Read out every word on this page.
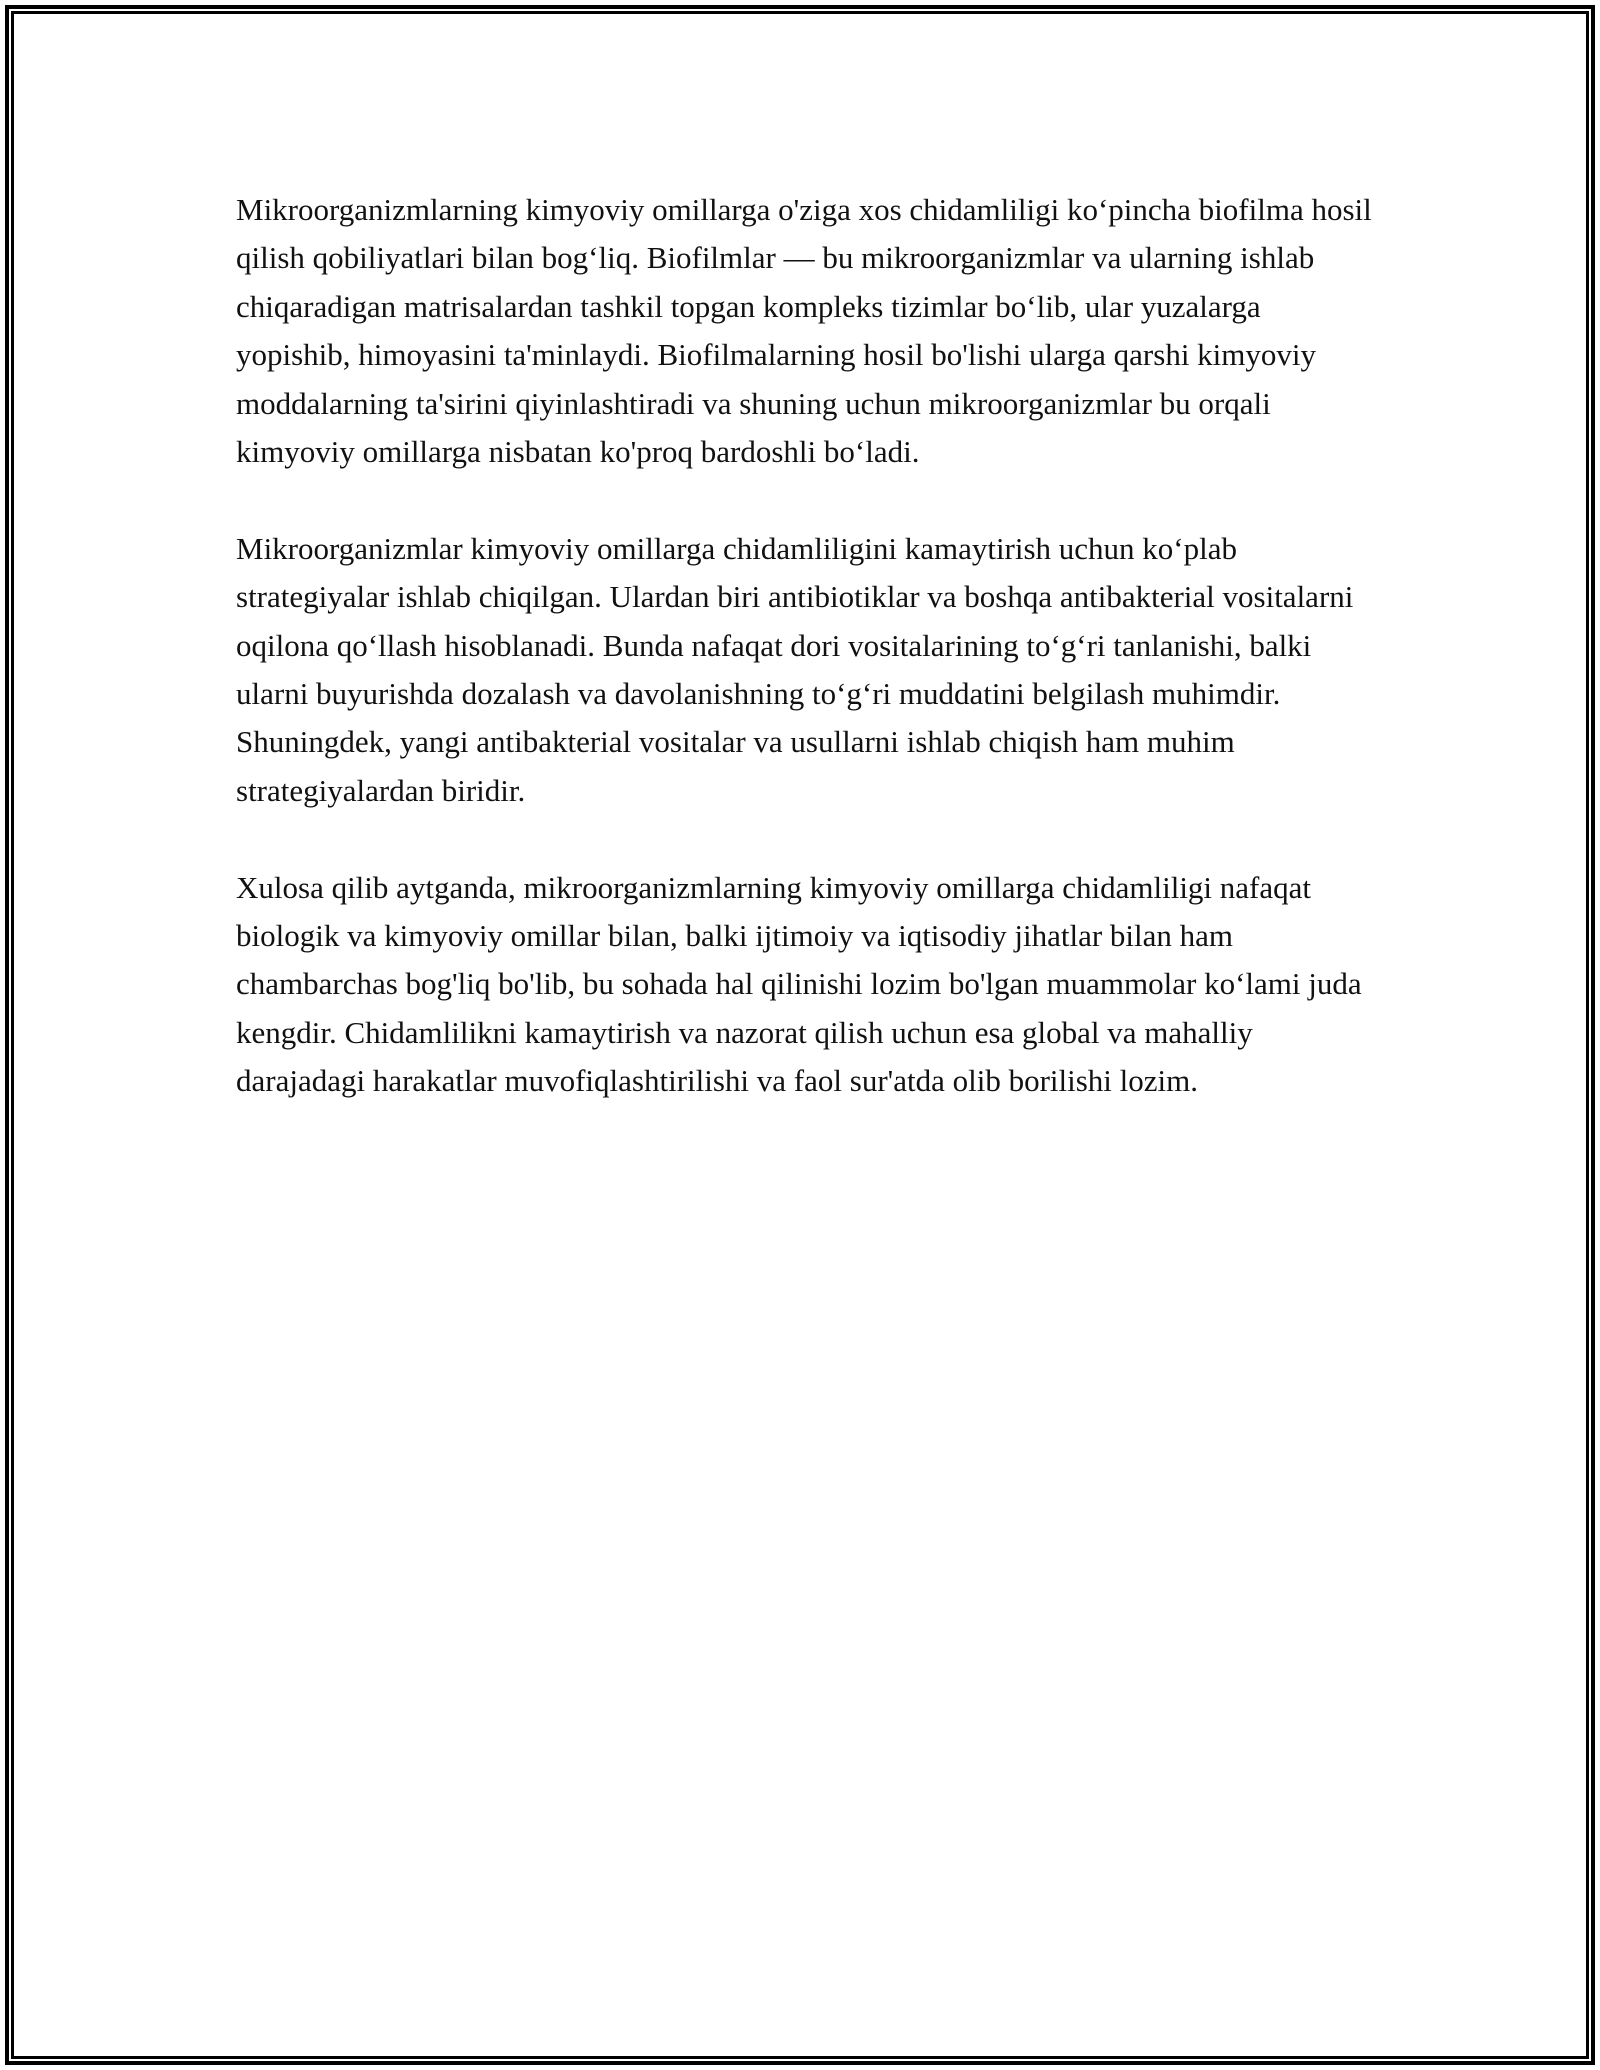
Mikroorganizmlarning kimyoviy omillarga o'ziga xos chidamliligi ko‘pincha biofilma hosil qilish qobiliyatlari bilan bog‘liq. Biofilmlar — bu mikroorganizmlar va ularning ishlab chiqaradigan matrisalardan tashkil topgan kompleks tizimlar bo‘lib, ular yuzalarga yopishib, himoyasini ta'minlaydi. Biofilmalarning hosil bo'lishi ularga qarshi kimyoviy moddalarning ta'sirini qiyinlashtiradi va shuning uchun mikroorganizmlar bu orqali kimyoviy omillarga nisbatan ko'proq bardoshli bo‘ladi.

Mikroorganizmlar kimyoviy omillarga chidamliligini kamaytirish uchun ko‘plab strategiyalar ishlab chiqilgan. Ulardan biri antibiotiklar va boshqa antibakterial vositalarni oqilona qo‘llash hisoblanadi. Bunda nafaqat dori vositalarining to‘g‘ri tanlanishi, balki ularni buyurishda dozalash va davolanishning to‘g‘ri muddatini belgilash muhimdir. Shuningdek, yangi antibakterial vositalar va usullarni ishlab chiqish ham muhim strategiyalardan biridir.

Xulosa qilib aytganda, mikroorganizmlarning kimyoviy omillarga chidamliligi nafaqat biologik va kimyoviy omillar bilan, balki ijtimoiy va iqtisodiy jihatlar bilan ham chambarchas bog'liq bo'lib, bu sohada hal qilinishi lozim bo'lgan muammolar ko‘lami juda kengdir. Chidamlilikni kamaytirish va nazorat qilish uchun esa global va mahalliy darajadagi harakatlar muvofiqlashtirilishi va faol sur'atda olib borilishi lozim.
